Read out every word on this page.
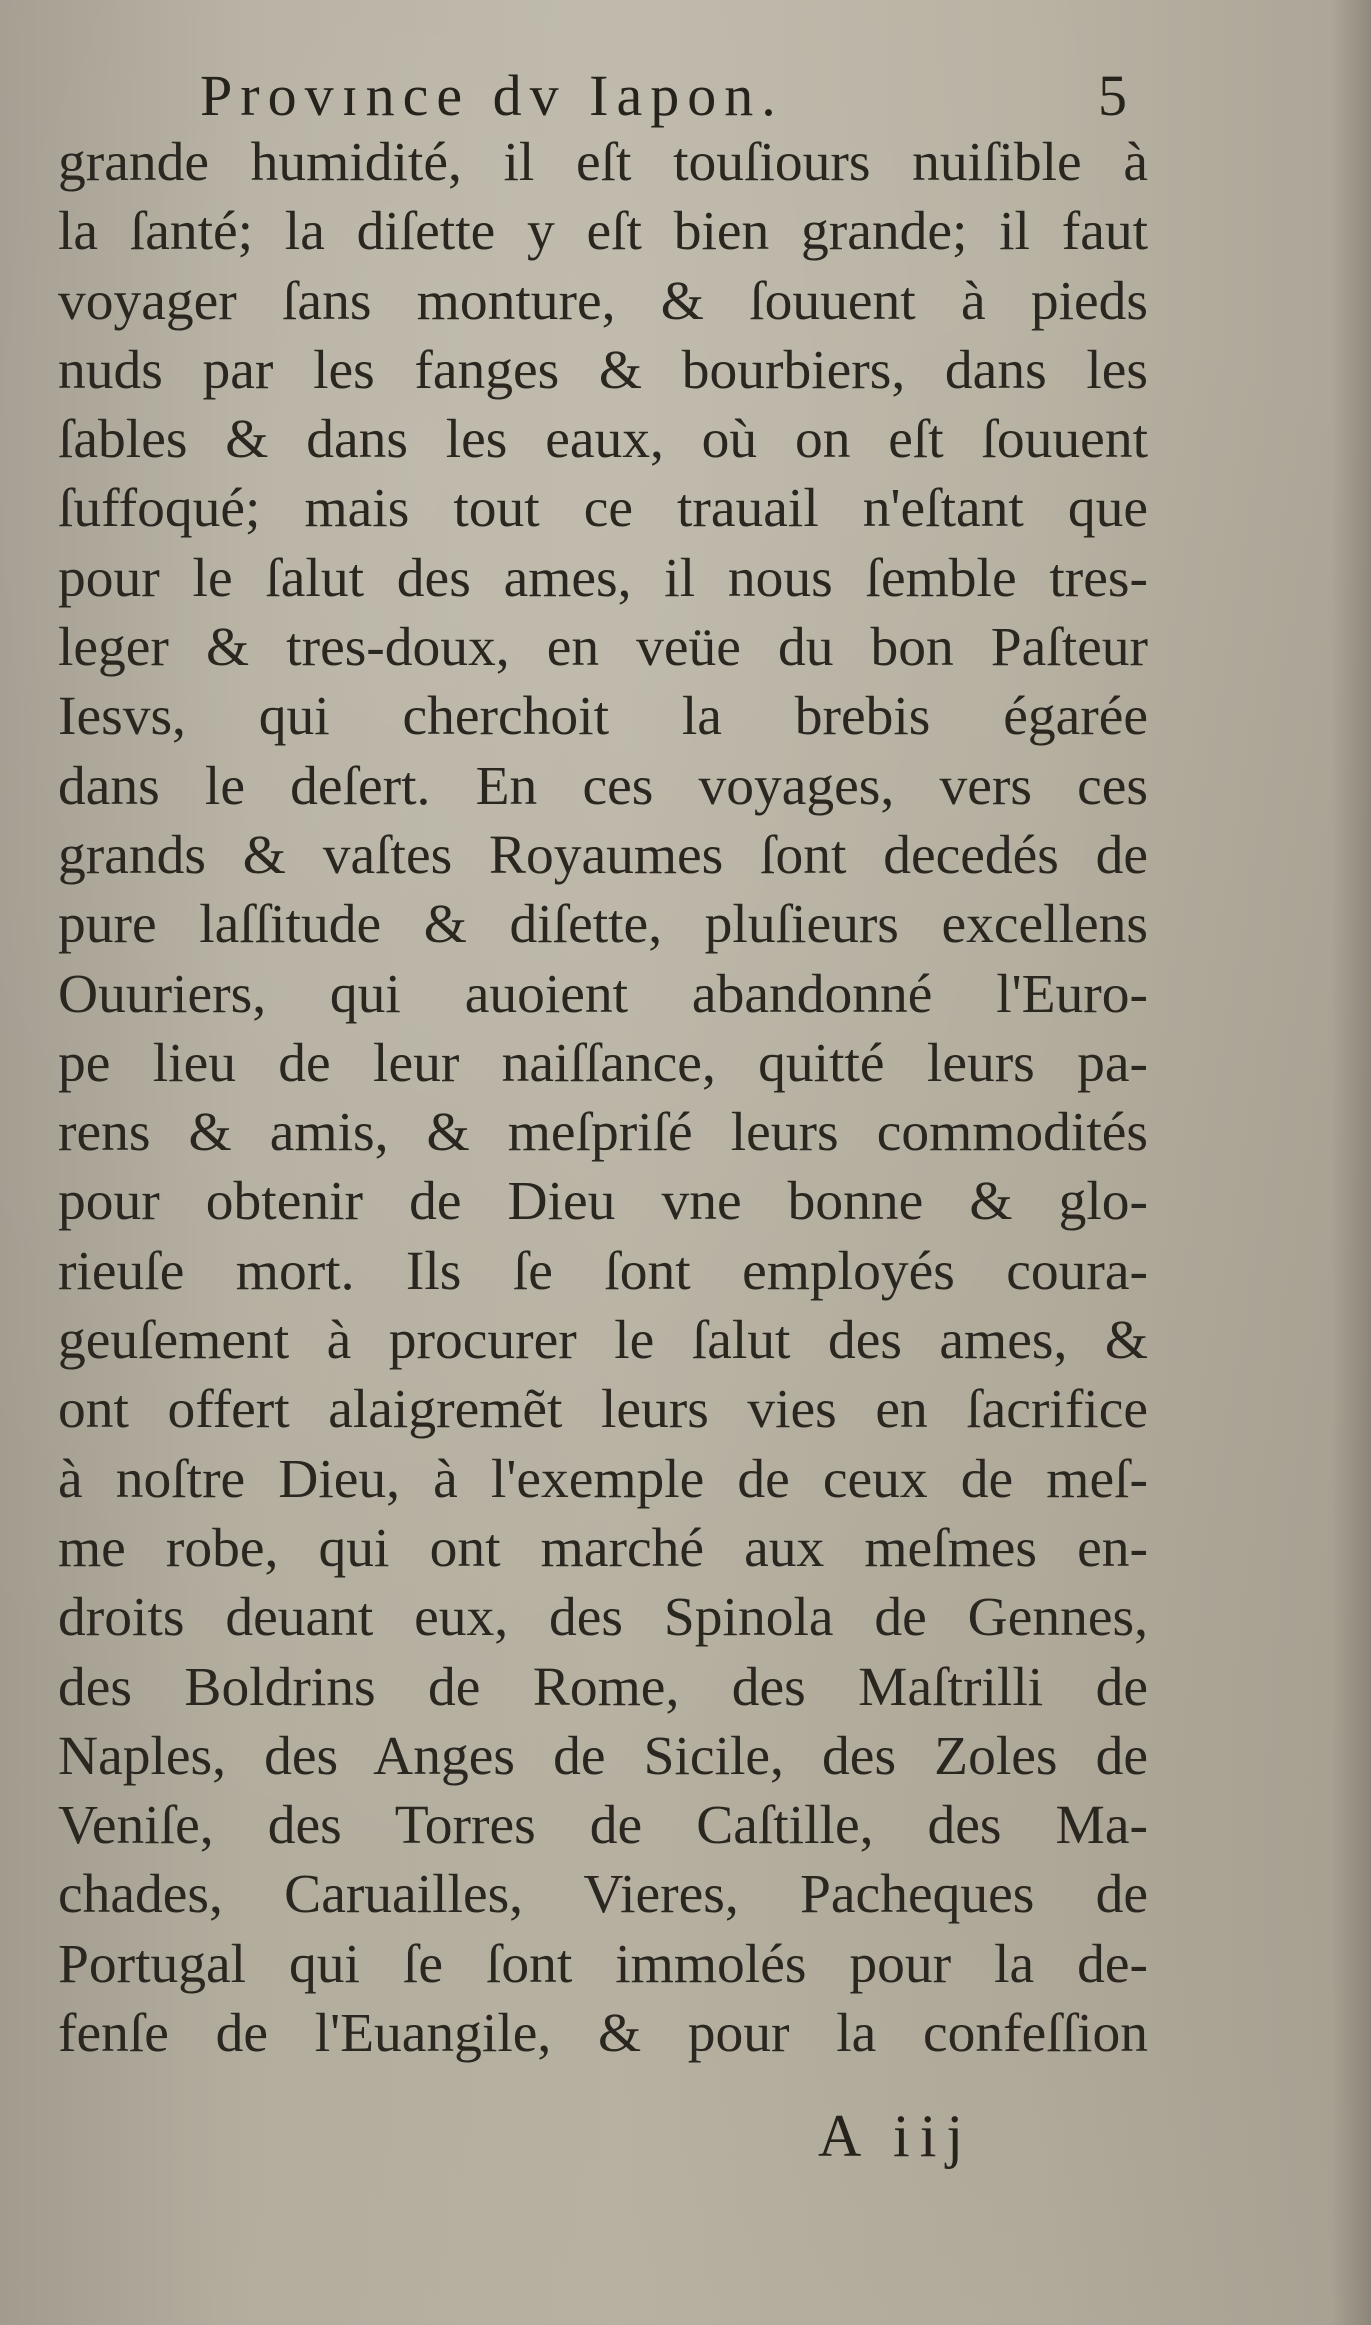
Provɪnce dv Iapon.	5
grande humidité, il eſt touſiours nuiſible à
la ſanté; la diſette y eſt bien grande; il faut
voyager ſans monture, & ſouuent à pieds
nuds par les fanges & bourbiers, dans les
ſables & dans les eaux, où on eſt ſouuent
ſuffoqué; mais tout ce trauail n'eſtant que
pour le ſalut des ames, il nous ſemble tres-
leger & tres-doux, en veüe du bon Paſteur
Iesvs, qui cherchoit la brebis égarée
dans le deſert. En ces voyages, vers ces
grands & vaſtes Royaumes ſont decedés de
pure laſſitude & diſette, pluſieurs excellens
Ouuriers, qui auoient abandonné l'Euro-
pe lieu de leur naiſſance, quitté leurs pa-
rens & amis, & meſpriſé leurs commodités
pour obtenir de Dieu vne bonne & glo-
rieuſe mort. Ils ſe ſont employés coura-
geuſement à procurer le ſalut des ames, &
ont offert alaigremẽt leurs vies en ſacrifice
à noſtre Dieu, à l'exemple de ceux de meſ-
me robe, qui ont marché aux meſmes en-
droits deuant eux, des Spinola de Gennes,
des Boldrins de Rome, des Maſtrilli de
Naples, des Anges de Sicile, des Zoles de
Veniſe, des Torres de Caſtille, des Ma-
chades, Caruailles, Vieres, Pacheques de
Portugal qui ſe ſont immolés pour la de-
fenſe de l'Euangile, & pour la confeſſion
A iij
